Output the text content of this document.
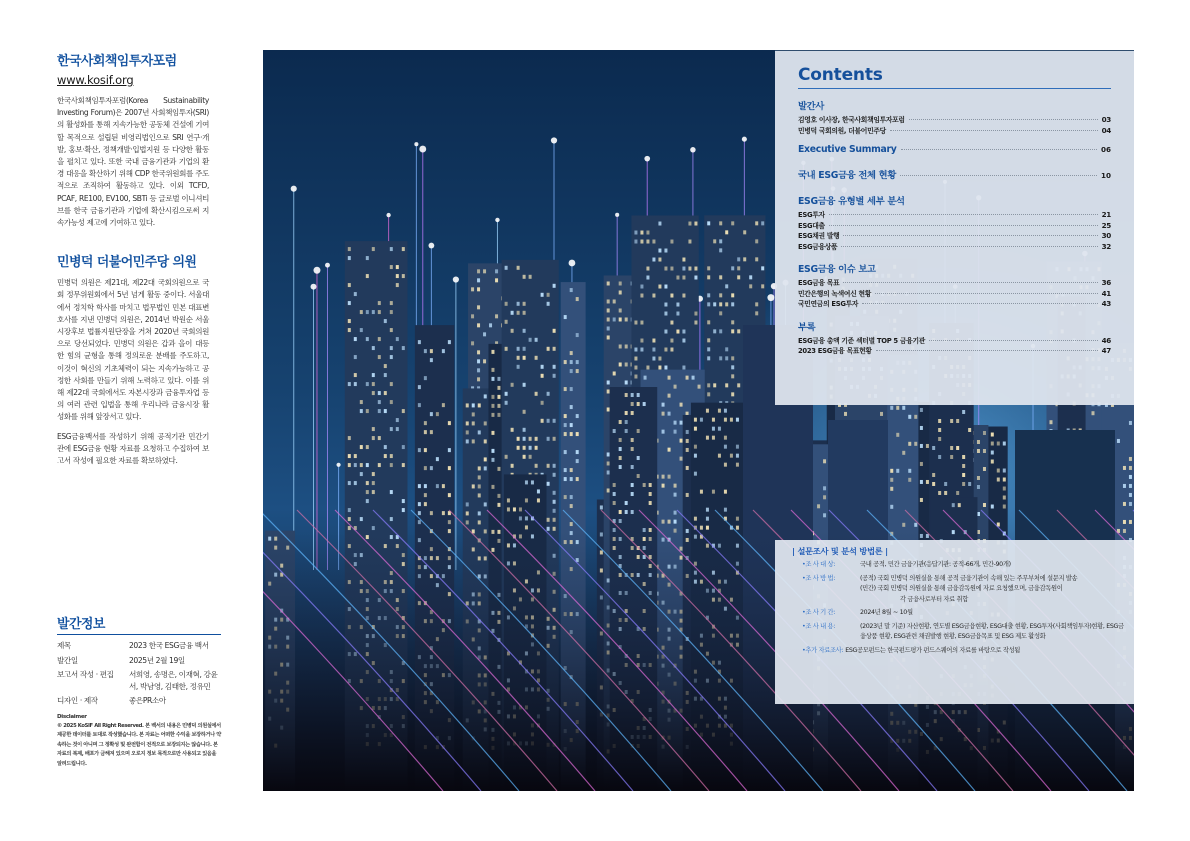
한국사회책임투자포럼
www.kosif.org

한국사회책임투자포럼(Korea Sustainability Investing Forum)은 2007년 사회책임투자(SRI)의 활성화를 통해 지속가능한 공동체 건설에 기여할 목적으로 설립된 비영리법인으로 SRI 연구·개발, 홍보·확산, 정책개발·입법지원 등 다양한 활동을 펼치고 있다. 또한 국내 금융기관과 기업의 환경 대응을 확산하기 위해 CDP 한국위원회를 주도적으로 조직하여 활동하고 있다. 이외 TCFD, PCAF, RE100, EV100, SBTi 등 글로벌 이니셔티브를 한국 금융기관과 기업에 확산시킴으로써 지속가능성 제고에 기여하고 있다.

민병덕 더불어민주당 의원

민병덕 의원은 제21대, 제22대 국회의원으로 국회 정무위원회에서 5년 넘게 활동 중이다. 서울대에서 정치학 학사를 마치고 법무법인 민본 대표변호사를 지낸 민병덕 의원은, 2014년 박원순 서울시장후보 법률지원단장을 거쳐 2020년 국회의원으로 당선되었다. 민병덕 의원은 갑과 을이 대등한 힘의 균형을 통해 정의로운 분배를 주도하고, 이것이 혁신의 기초체력이 되는 지속가능하고 공정한 사회를 만들기 위해 노력하고 있다. 이를 위해 제22대 국회에서도 자본시장과 금융투자업 등의 여러 관련 입법을 통해 우리나라 금융시장 활성화를 위해 앞장서고 있다.

ESG금융백서를 작성하기 위해 공적기관 민간기관에 ESG금융 현황 자료를 요청하고 수집하여 보고서 작성에 필요한 자료를 확보하였다.

발간정보
제목	2023 한국 ESG금융 백서
발간일	2025년 2월 19일
보고서 작성 · 편집	서희영, 송명은, 이재혁, 강윤서, 박남영, 김태한, 정유민
디자인 · 제작	좋은PR소아
Disclaimer
© 2025 KoSIF All Right Reserved. 본 백서의 내용은 민병덕 의원실에서 제공한 데이터를 토대로 작성했습니다. 본 자료는 어떠한 수익을 보장하거나 약속하는 것이 아니며 그 정확성 및 완전함이 전적으로 보장되지는 않습니다. 본 자료의 복제, 배포가 금해져 있으며 오로지 정보 목적으로만 사용되고 있음을 알려드립니다.
Contents
발간사
김영호 이사장, 한국사회책임투자포럼	03
민병덕 국회의원, 더불어민주당	04
Executive Summary	06
국내 ESG금융 전체 현황	10
ESG금융 유형별 세부 분석
ESG투자	21
ESG대출	25
ESG채권 발행	30
ESG금융상품	32
ESG금융 이슈 보고
ESG금융 목표	36
민간은행의 녹색여신 현황	41
국민연금의 ESG투자	43
부록
ESG금융 총액 기준 섹터별 TOP 5 금융기관	46
2023 ESG금융 목표현황	47
| 설문조사 및 분석 방법론 |
•조 사 대 상:	국내 공적, 민간 금융기관(응답기관: 공적-66개, 민간-90개)
•조 사 방 법:	(공적) 국회 민병덕 의원실을 통해 공적 금융기관이 속해 있는 주무부처에 설문지 발송
(민간) 국회 민병덕 의원실을 통해 금융감독원에 자료 요청했으며, 금융감독원이
각 금융사로부터 자료 취합
•조 사 기 간:	2024년 8월 ~ 10월
•조 사 내 용:	(2023년 말 기준) 자산현황, 연도별 ESG금융현황, ESG대출 현황, ESG투자(사회책임투자)현황, ESG금융상품 현황, ESG관련 채권발행 현황, ESG금융목표 및 ESG 제도 활성화
•추가 자료조사: ESG공모펀드는 한국펀드평가 펀드스퀘어의 자료를 바탕으로 작성됨
